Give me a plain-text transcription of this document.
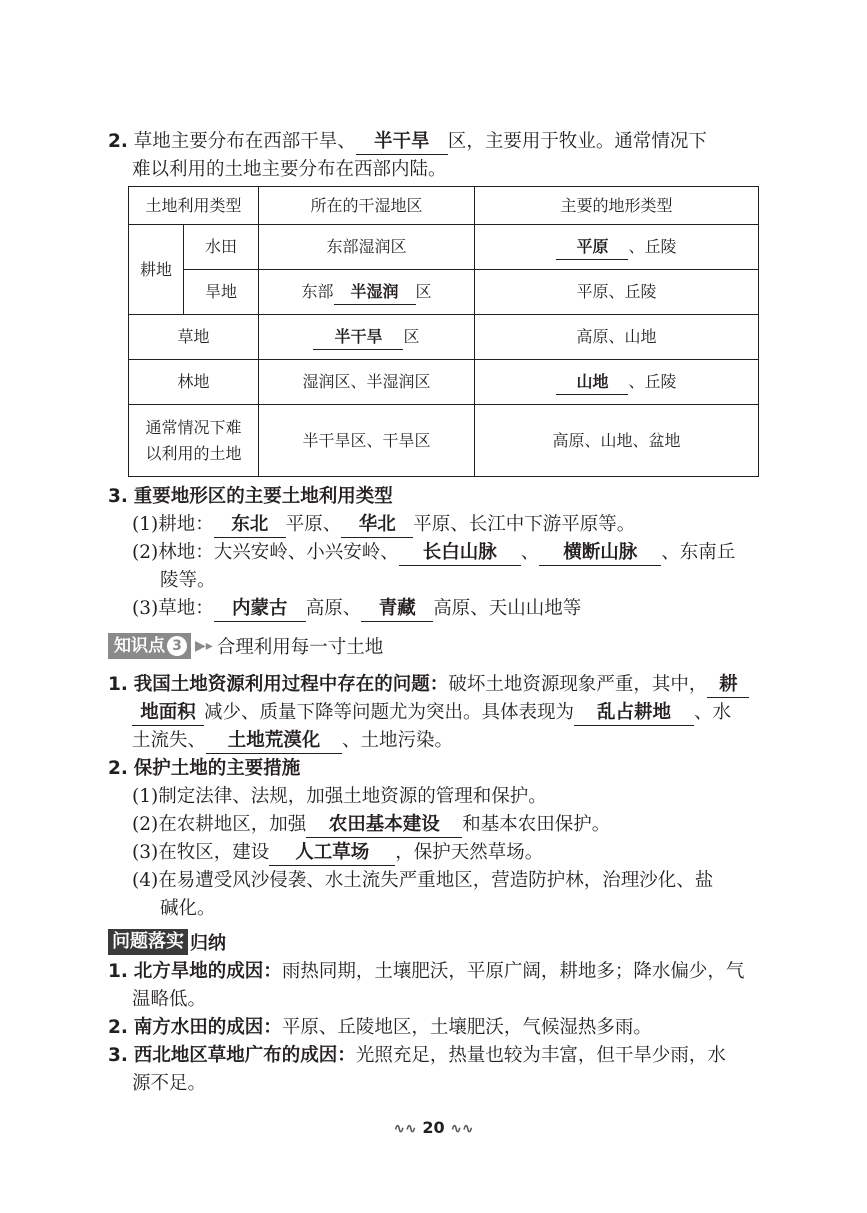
2. 草地主要分布在西部干旱、 半干旱 区，主要用于牧业。通常情况下
难以利用的土地主要分布在西部内陆。
土地利用类型		所在的干湿地区	主要的地形类型
耕地	水田	东部湿润区	平原 、丘陵
	旱地	东部 半湿润 区	平原、丘陵
草地		半干旱 区	高原、山地
林地		湿润区、半湿润区	山地 、丘陵

通常情况下难
以利用的土地		半干旱区、干旱区	高原、山地、盆地
3. 重要地形区的主要土地利用类型
(1)耕地： 东北 平原、 华北 平原、长江中下游平原等。
(2)林地：大兴安岭、小兴安岭、 长白山脉 、 横断山脉 、东南丘
陵等。
(3)草地： 内蒙古 高原、 青藏 高原、天山山地等
知识点 3 ▶▸ 合理利用每一寸土地
1. 我国土地资源利用过程中存在的问题：破坏土地资源现象严重，其中， 耕
地面积 减少、质量下降等问题尤为突出。具体表现为 乱占耕地 、水
土流失、 土地荒漠化 、土地污染。
2. 保护土地的主要措施
(1)制定法律、法规，加强土地资源的管理和保护。
(2)在农耕地区，加强 农田基本建设 和基本农田保护。
(3)在牧区，建设 人工草场 ，保护天然草场。
(4)在易遭受风沙侵袭、水土流失严重地区，营造防护林，治理沙化、盐
碱化。
问题落实 归纳
1. 北方旱地的成因：雨热同期，土壤肥沃，平原广阔，耕地多；降水偏少，气
温略低。
2. 南方水田的成因：平原、丘陵地区，土壤肥沃，气候湿热多雨。
3. 西北地区草地广布的成因：光照充足，热量也较为丰富，但干旱少雨，水
源不足。
∿∿ 20 ∿∿
